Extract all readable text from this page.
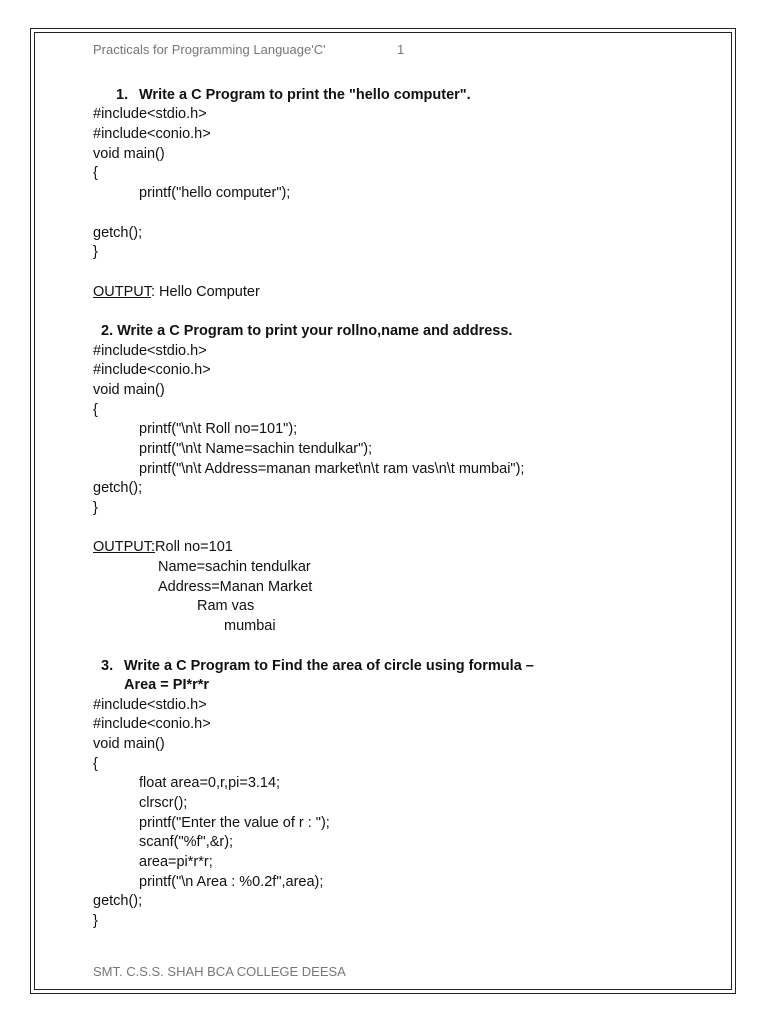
Practicals for Programming Language'C'	1
1. Write a C Program to print the "hello computer".
#include<stdio.h>
#include<conio.h>
void main()
{
printf("hello computer");
getch();
}
OUTPUT: Hello Computer
2. Write a C Program to print your rollno,name and address.
#include<stdio.h>
#include<conio.h>
void main()
{
printf("\n\t Roll no=101");
printf("\n\t Name=sachin tendulkar");
printf("\n\t Address=manan market\n\t ram vas\n\t mumbai");
getch();
}
OUTPUT:Roll no=101
Name=sachin tendulkar
Address=Manan Market
Ram vas
mumbai
3. Write a C Program to Find the area of circle using formula –
Area = PI*r*r
#include<stdio.h>
#include<conio.h>
void main()
{
float area=0,r,pi=3.14;
clrscr();
printf("Enter the value of r : ");
scanf("%f",&r);
area=pi*r*r;
printf("\n Area : %0.2f",area);
getch();
}
SMT. C.S.S. SHAH BCA COLLEGE DEESA
